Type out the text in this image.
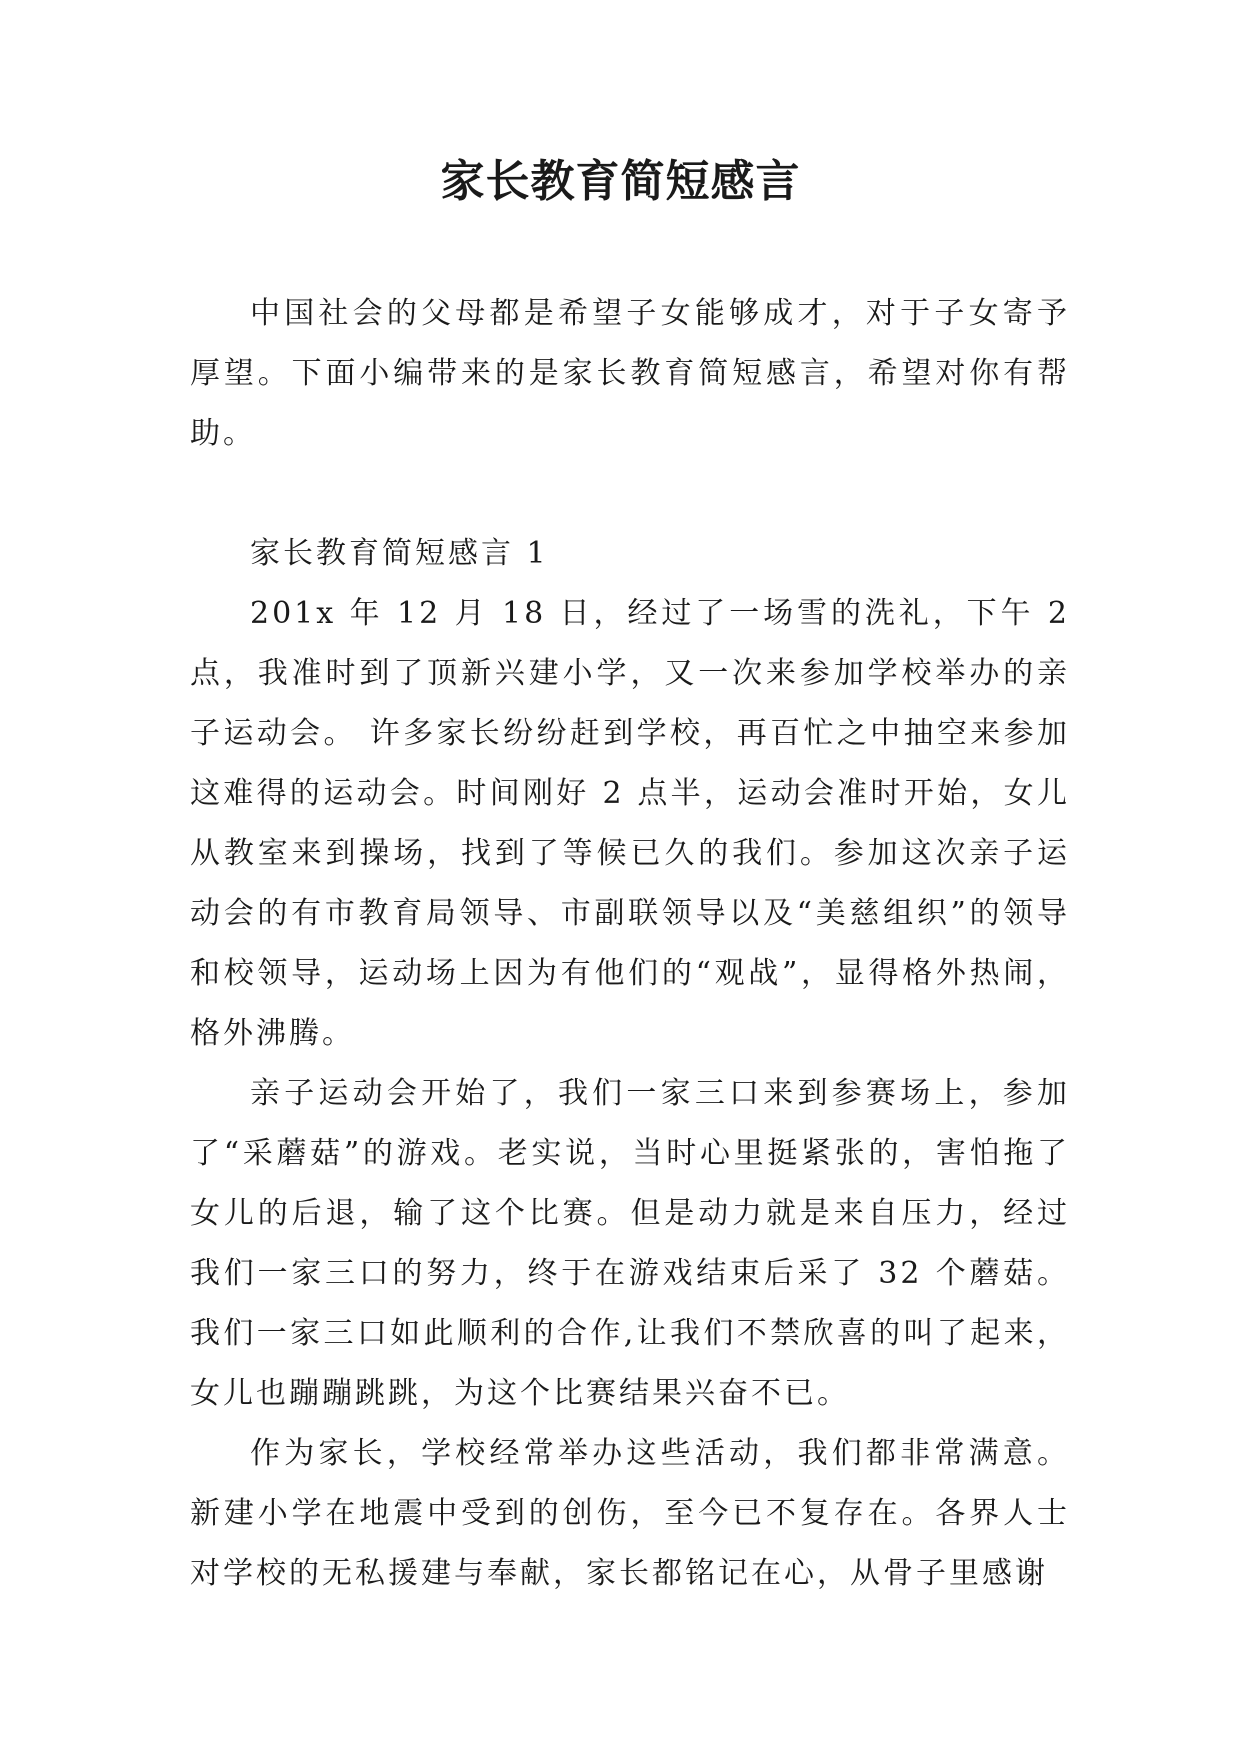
家长教育简短感言

中国社会的父母都是希望子女能够成才，对于子女寄予厚望。下面小编带来的是家长教育简短感言，希望对你有帮助。

家长教育简短感言 1

201x 年 12 月 18 日，经过了一场雪的洗礼，下午 2 点，我准时到了顶新兴建小学，又一次来参加学校举办的亲子运动会。 许多家长纷纷赶到学校，再百忙之中抽空来参加这难得的运动会。时间刚好 2 点半，运动会准时开始，女儿从教室来到操场，找到了等候已久的我们。参加这次亲子运动会的有市教育局领导、市副联领导以及“美慈组织”的领导和校领导，运动场上因为有他们的“观战”，显得格外热闹，格外沸腾。

亲子运动会开始了，我们一家三口来到参赛场上，参加了“采蘑菇”的游戏。老实说，当时心里挺紧张的，害怕拖了女儿的后退，输了这个比赛。但是动力就是来自压力，经过我们一家三口的努力，终于在游戏结束后采了 32 个蘑菇。我们一家三口如此顺利的合作,让我们不禁欣喜的叫了起来，女儿也蹦蹦跳跳，为这个比赛结果兴奋不已。

作为家长，学校经常举办这些活动，我们都非常满意。新建小学在地震中受到的创伤，至今已不复存在。各界人士对学校的无私援建与奉献，家长都铭记在心，从骨子里感谢
